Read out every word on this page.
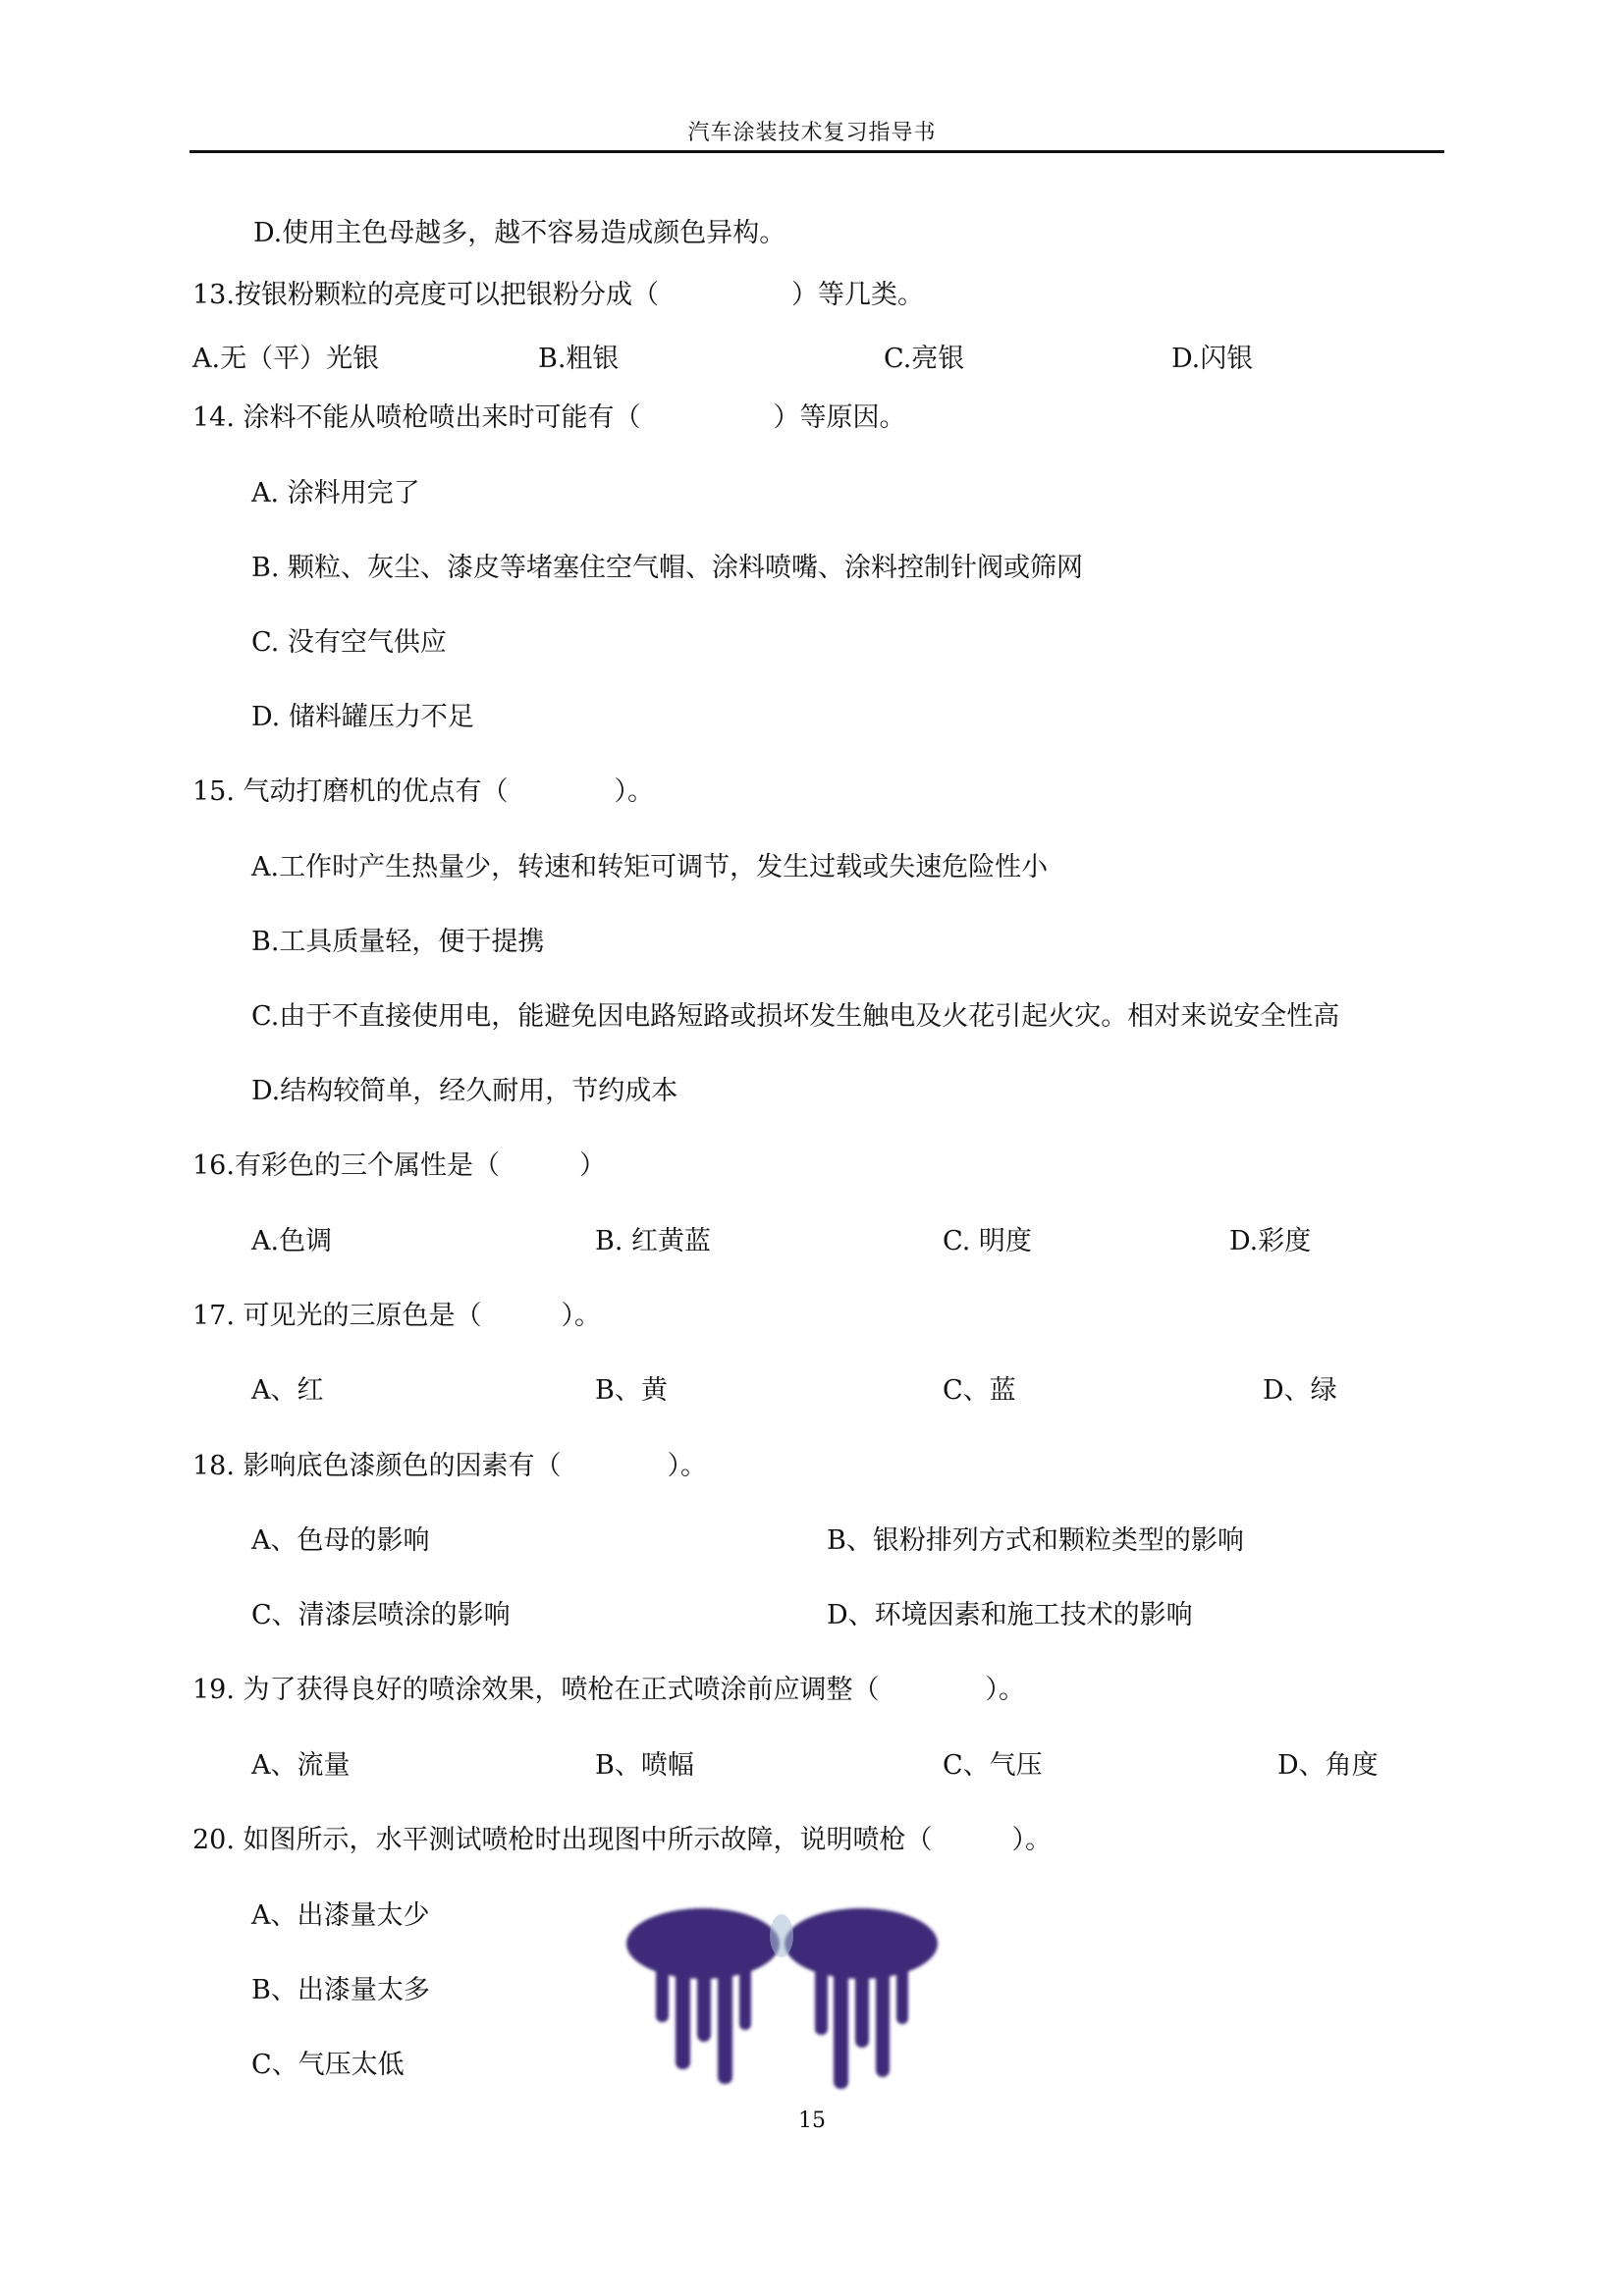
汽车涂装技术复习指导书
D.使用主色母越多，越不容易造成颜色异构。
13.按银粉颗粒的亮度可以把银粉分成（　　　　　）等几类。
A.无（平）光银	B.粗银	C.亮银	D.闪银
14. 涂料不能从喷枪喷出来时可能有（　　　　　）等原因。
A. 涂料用完了
B. 颗粒、灰尘、漆皮等堵塞住空气帽、涂料喷嘴、涂料控制针阀或筛网
C. 没有空气供应
D. 储料罐压力不足
15. 气动打磨机的优点有（　　　　）。
A.工作时产生热量少，转速和转矩可调节，发生过载或失速危险性小
B.工具质量轻，便于提携
C.由于不直接使用电，能避免因电路短路或损坏发生触电及火花引起火灾。相对来说安全性高
D.结构较简单，经久耐用，节约成本
16.有彩色的三个属性是（　　　）
A.色调	B. 红黄蓝	C. 明度	D.彩度
17. 可见光的三原色是（　　　）。
A、红	B、黄	C、蓝	D、绿
18. 影响底色漆颜色的因素有（　　　　）。
A、色母的影响	B、银粉排列方式和颗粒类型的影响
C、清漆层喷涂的影响	D、环境因素和施工技术的影响
19. 为了获得良好的喷涂效果，喷枪在正式喷涂前应调整（　　　　）。
A、流量	B、喷幅	C、气压	D、角度
20. 如图所示，水平测试喷枪时出现图中所示故障，说明喷枪（　　　）。
A、出漆量太少
B、出漆量太多
C、气压太低
15
